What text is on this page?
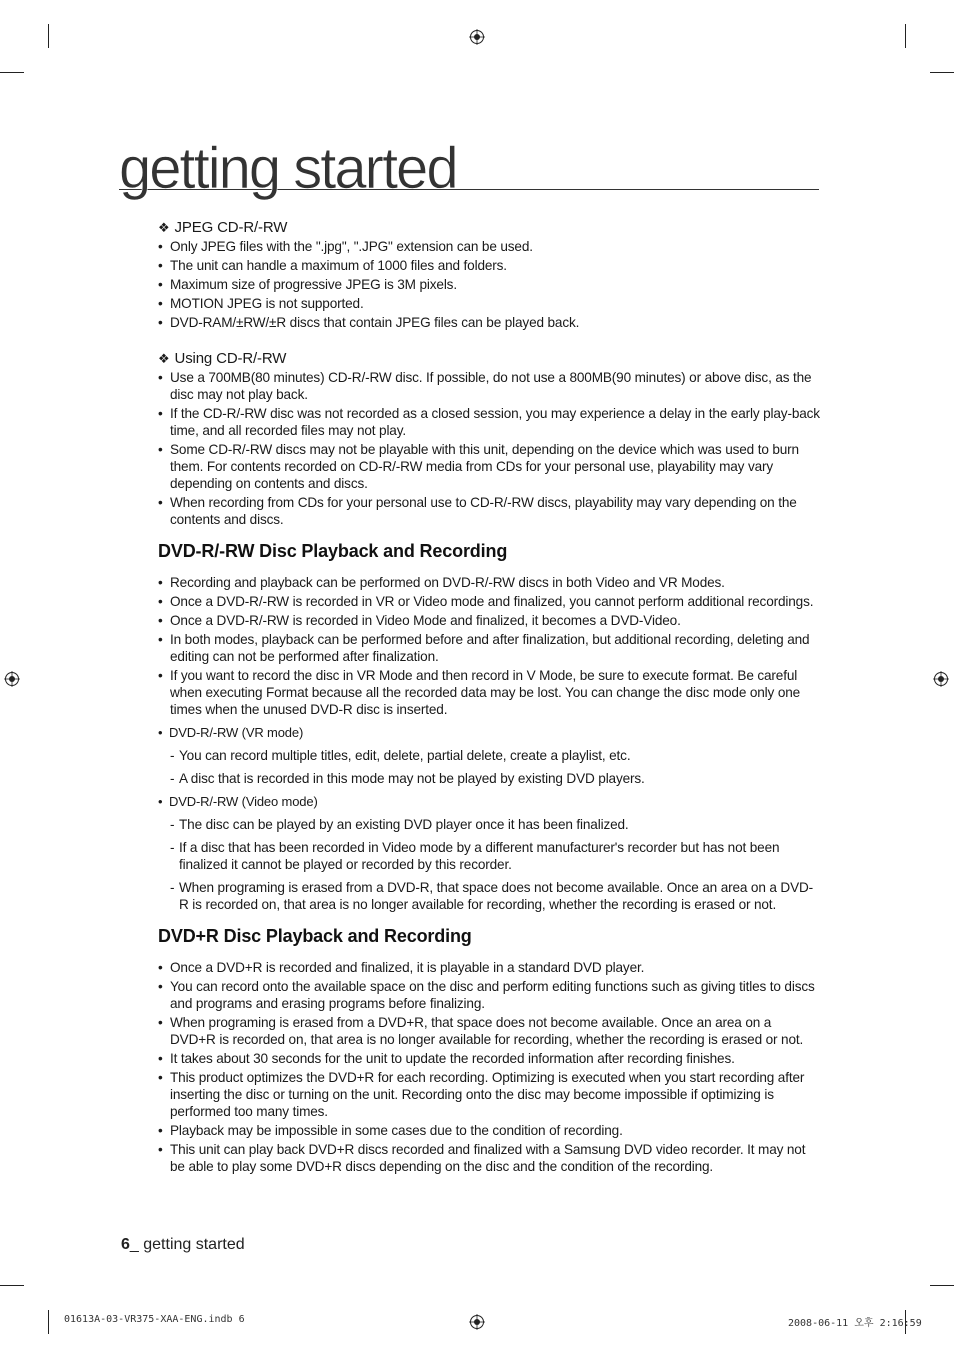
getting started
❖ JPEG CD-R/-RW
• Only JPEG files with the ".jpg", ".JPG" extension can be used.
• The unit can handle a maximum of 1000 files and folders.
• Maximum size of progressive JPEG is 3M pixels.
• MOTION JPEG is not supported.
• DVD-RAM/±RW/±R discs that contain JPEG files can be played back.
❖ Using CD-R/-RW
• Use a 700MB(80 minutes) CD-R/-RW disc. If possible, do not use a 800MB(90 minutes) or above disc, as the disc may not play back.
• If the CD-R/-RW disc was not recorded as a closed session, you may experience a delay in the early play-back time, and all recorded files may not play.
• Some CD-R/-RW discs may not be playable with this unit, depending on the device which was used to burn them. For contents recorded on CD-R/-RW media from CDs for your personal use, playability may vary depending on contents and discs.
• When recording from CDs for your personal use to CD-R/-RW discs, playability may vary depending on the contents and discs.
DVD-R/-RW Disc Playback and Recording
• Recording and playback can be performed on DVD-R/-RW discs in both Video and VR Modes.
• Once a DVD-R/-RW is recorded in VR or Video mode and finalized, you cannot perform additional recordings.
• Once a DVD-R/-RW is recorded in Video Mode and finalized, it becomes a DVD-Video.
• In both modes, playback can be performed before and after finalization, but additional recording, deleting and editing can not be performed after finalization.
• If you want to record the disc in VR Mode and then record in V Mode, be sure to execute format. Be careful when executing Format because all the recorded data may be lost. You can change the disc mode only one times when the unused DVD-R disc is inserted.
• DVD-R/-RW (VR mode)
- You can record multiple titles, edit, delete, partial delete, create a playlist, etc.
- A disc that is recorded in this mode may not be played by existing DVD players.
• DVD-R/-RW (Video mode)
- The disc can be played by an existing DVD player once it has been finalized.
- If a disc that has been recorded in Video mode by a different manufacturer's recorder but has not been finalized it cannot be played or recorded by this recorder.
- When programing is erased from a DVD-R, that space does not become available. Once an area on a DVD-R is recorded on, that area is no longer available for recording, whether the recording is erased or not.
DVD+R Disc Playback and Recording
• Once a DVD+R is recorded and finalized, it is playable in a standard DVD player.
• You can record onto the available space on the disc and perform editing functions such as giving titles to discs and programs and erasing programs before finalizing.
• When programing is erased from a DVD+R, that space does not become available. Once an area on a DVD+R is recorded on, that area is no longer available for recording, whether the recording is erased or not.
• It takes about 30 seconds for the unit to update the recorded information after recording finishes.
• This product optimizes the DVD+R for each recording. Optimizing is executed when you start recording after inserting the disc or turning on the unit. Recording onto the disc may become impossible if optimizing is performed too many times.
• Playback may be impossible in some cases due to the condition of recording.
• This unit can play back DVD+R discs recorded and finalized with a Samsung DVD video recorder. It may not be able to play some DVD+R discs depending on the disc and the condition of the recording.
6_ getting started
01613A-03-VR375-XAA-ENG.indb 6	2008-06-11 오후 2:16:59
